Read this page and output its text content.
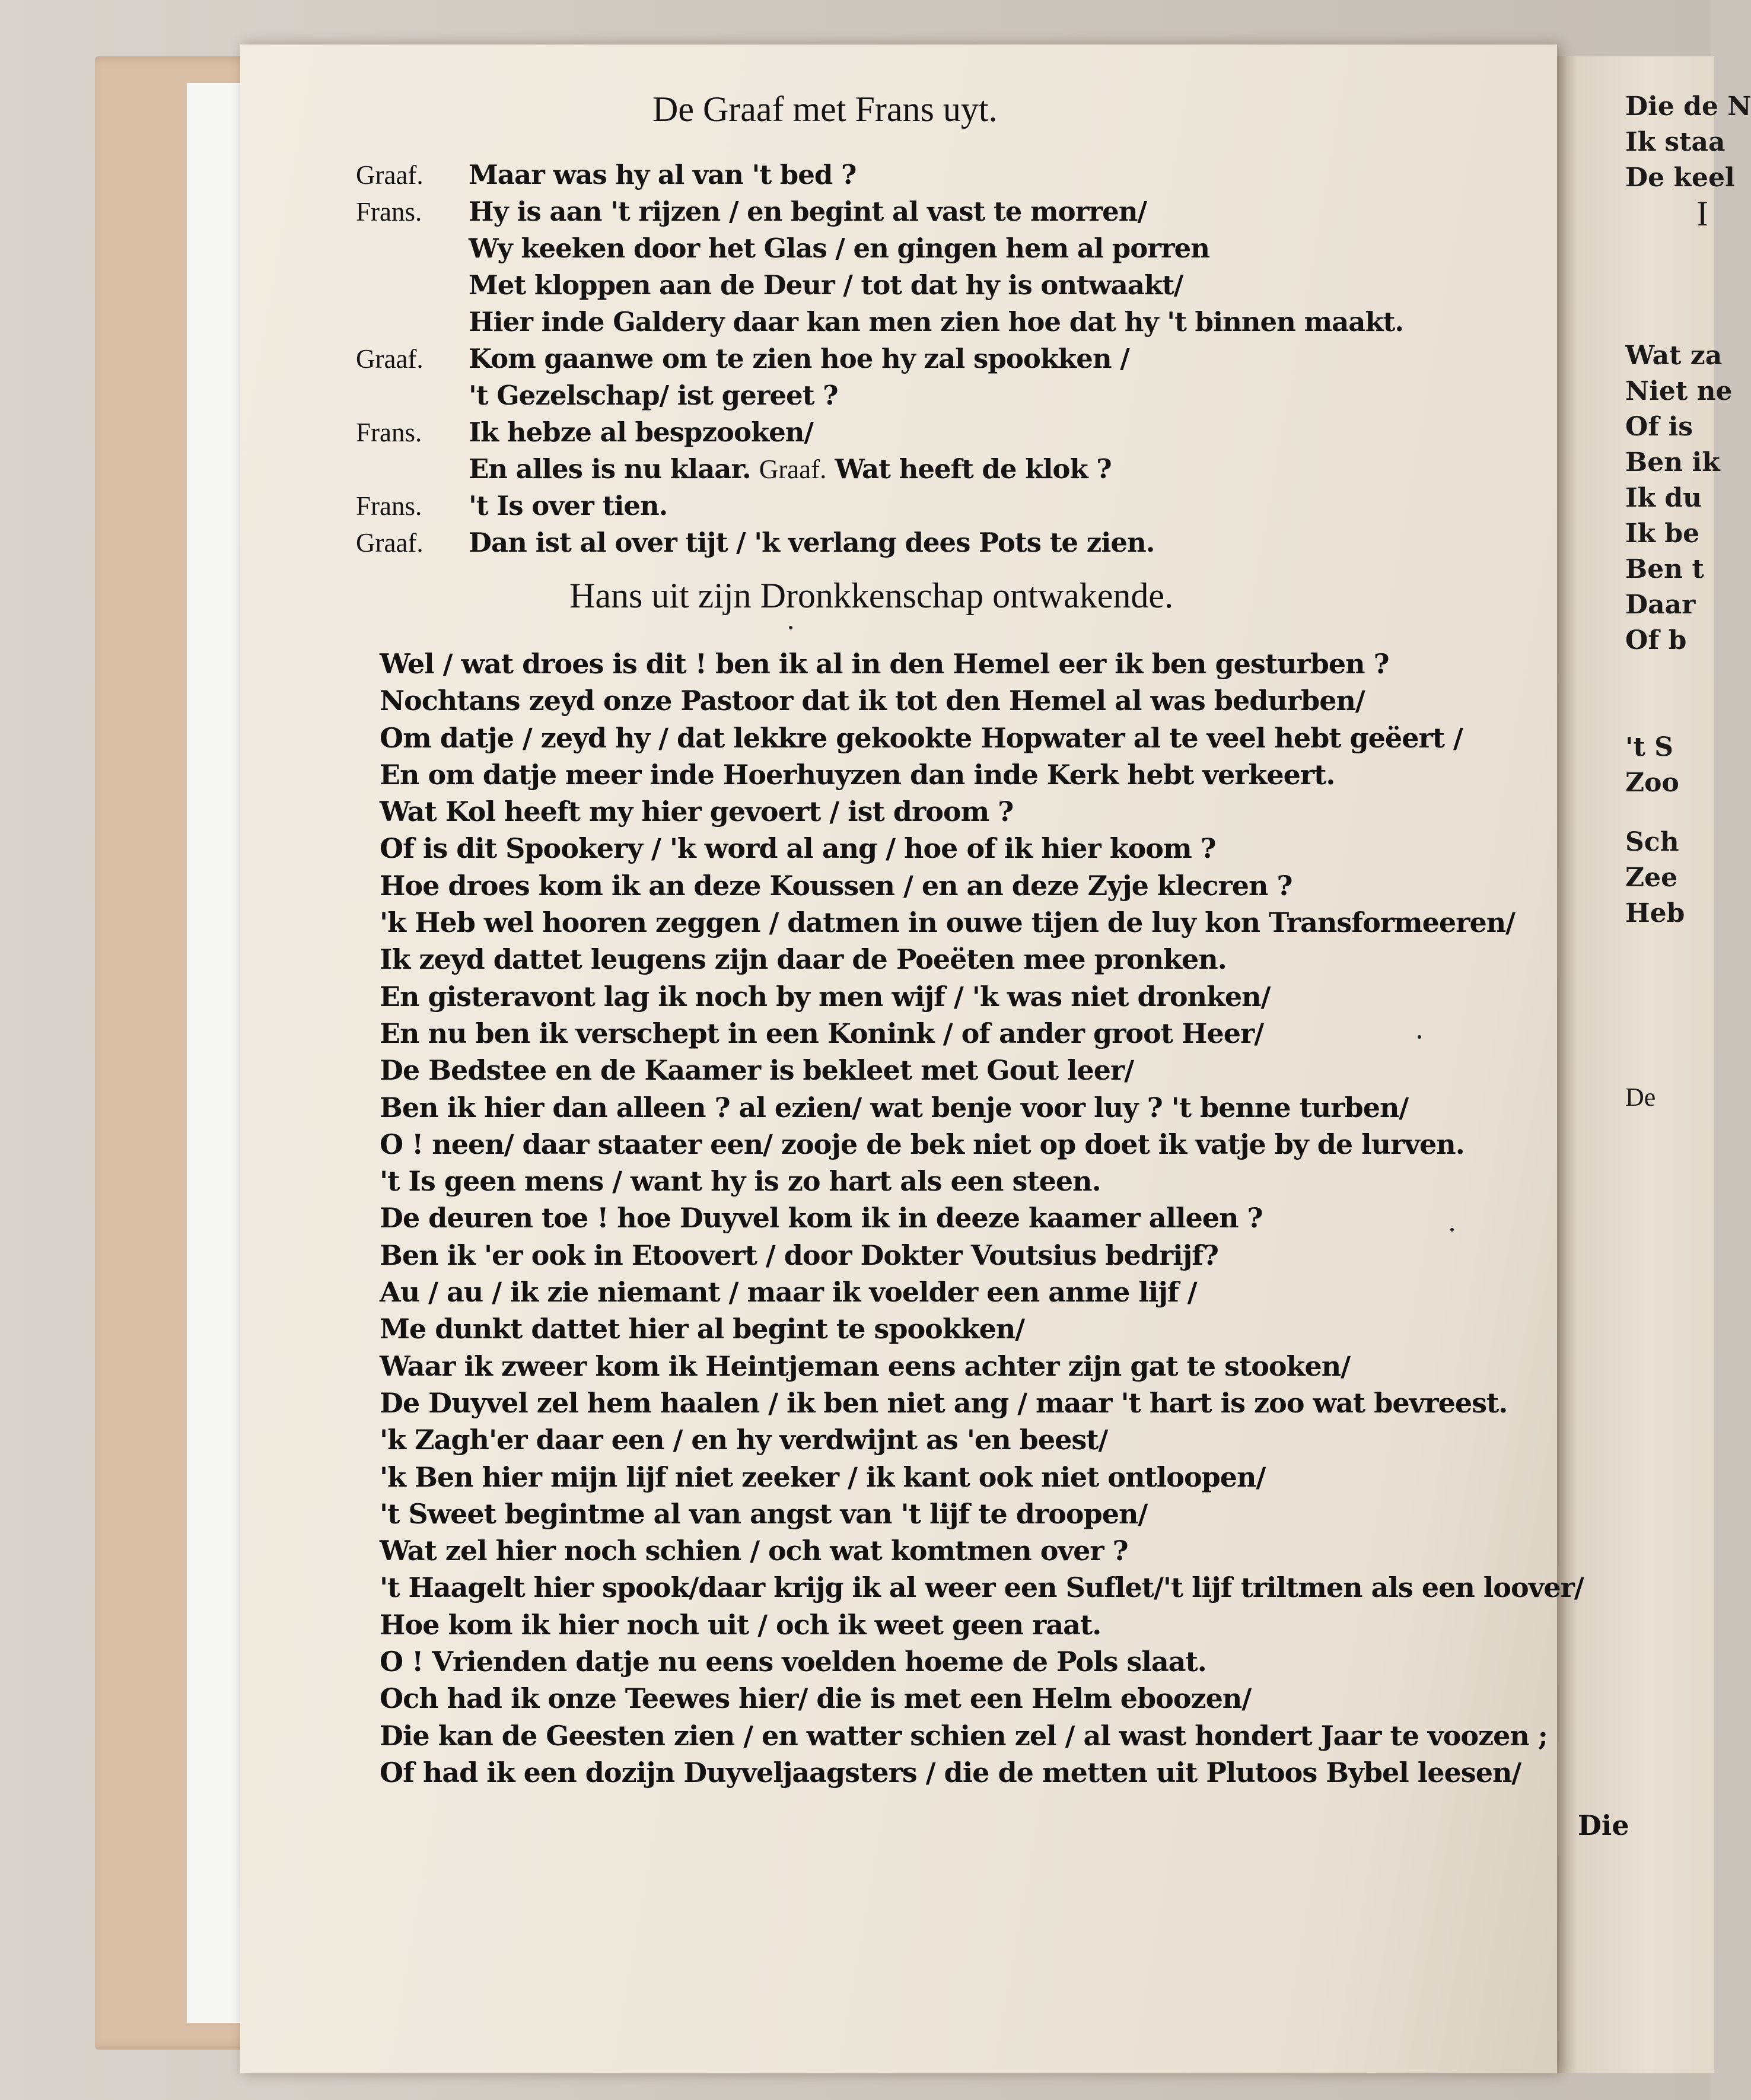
Die de N
Ik staa
De keel
I
Wat za
Niet ne
Of is
Ben ik
Ik du
Ik be
Ben t
Daar
Of b
't S
Zoo
Sch
Zee
Heb
De
De Graaf met Frans uyt.
Graaf. Maar was hy al van 't bed ?
Frans. Hy is aan 't rijzen / en begint al vast te morren/
Wy keeken door het Glas / en gingen hem al porren
Met kloppen aan de Deur / tot dat hy is ontwaakt/
Hier inde Galdery daar kan men zien hoe dat hy 't binnen maakt.
Graaf. Kom gaanwe om te zien hoe hy zal spookken /
't Gezelschap/ ist gereet ?
Frans. Ik hebze al bespzooken/
En alles is nu klaar. Graaf. Wat heeft de klok ?
Frans. 't Is over tien.
Graaf. Dan ist al over tijt / 'k verlang dees Pots te zien.
Hans uit zijn Dronkkenschap ontwakende.
Wel / wat droes is dit ! ben ik al in den Hemel eer ik ben gesturben ?
Nochtans zeyd onze Pastoor dat ik tot den Hemel al was bedurben/
Om datje / zeyd hy / dat lekkre gekookte Hopwater al te veel hebt geëert /
En om datje meer inde Hoerhuyzen dan inde Kerk hebt verkeert.
Wat Kol heeft my hier gevoert / ist droom ?
Of is dit Spookery / 'k word al ang / hoe of ik hier koom ?
Hoe droes kom ik an deze Koussen / en an deze Zyje klecren ?
'k Heb wel hooren zeggen / datmen in ouwe tijen de luy kon Transformeeren/
Ik zeyd dattet leugens zijn daar de Poeëten mee pronken.
En gisteravont lag ik noch by men wijf / 'k was niet dronken/
En nu ben ik verschept in een Konink / of ander groot Heer/
De Bedstee en de Kaamer is bekleet met Gout leer/
Ben ik hier dan alleen ? al ezien/ wat benje voor luy ? 't benne turben/
O ! neen/ daar staater een/ zooje de bek niet op doet ik vatje by de lurven.
't Is geen mens / want hy is zo hart als een steen.
De deuren toe ! hoe Duyvel kom ik in deeze kaamer alleen ?
Ben ik 'er ook in Etoovert / door Dokter Voutsius bedrijf?
Au / au / ik zie niemant / maar ik voelder een anme lijf /
Me dunkt dattet hier al begint te spookken/
Waar ik zweer kom ik Heintjeman eens achter zijn gat te stooken/
De Duyvel zel hem haalen / ik ben niet ang / maar 't hart is zoo wat bevreest.
'k Zagh'er daar een / en hy verdwijnt as 'en beest/
'k Ben hier mijn lijf niet zeeker / ik kant ook niet ontloopen/
't Sweet begintme al van angst van 't lijf te droopen/
Wat zel hier noch schien / och wat komtmen over ?
't Haagelt hier spook/daar krijg ik al weer een Suflet/'t lijf triltmen als een loover/
Hoe kom ik hier noch uit / och ik weet geen raat.
O ! Vrienden datje nu eens voelden hoeme de Pols slaat.
Och had ik onze Teewes hier/ die is met een Helm eboozen/
Die kan de Geesten zien / en watter schien zel / al wast hondert Jaar te voozen ;
Of had ik een dozijn Duyveljaagsters / die de metten uit Plutoos Bybel leesen/
Die
